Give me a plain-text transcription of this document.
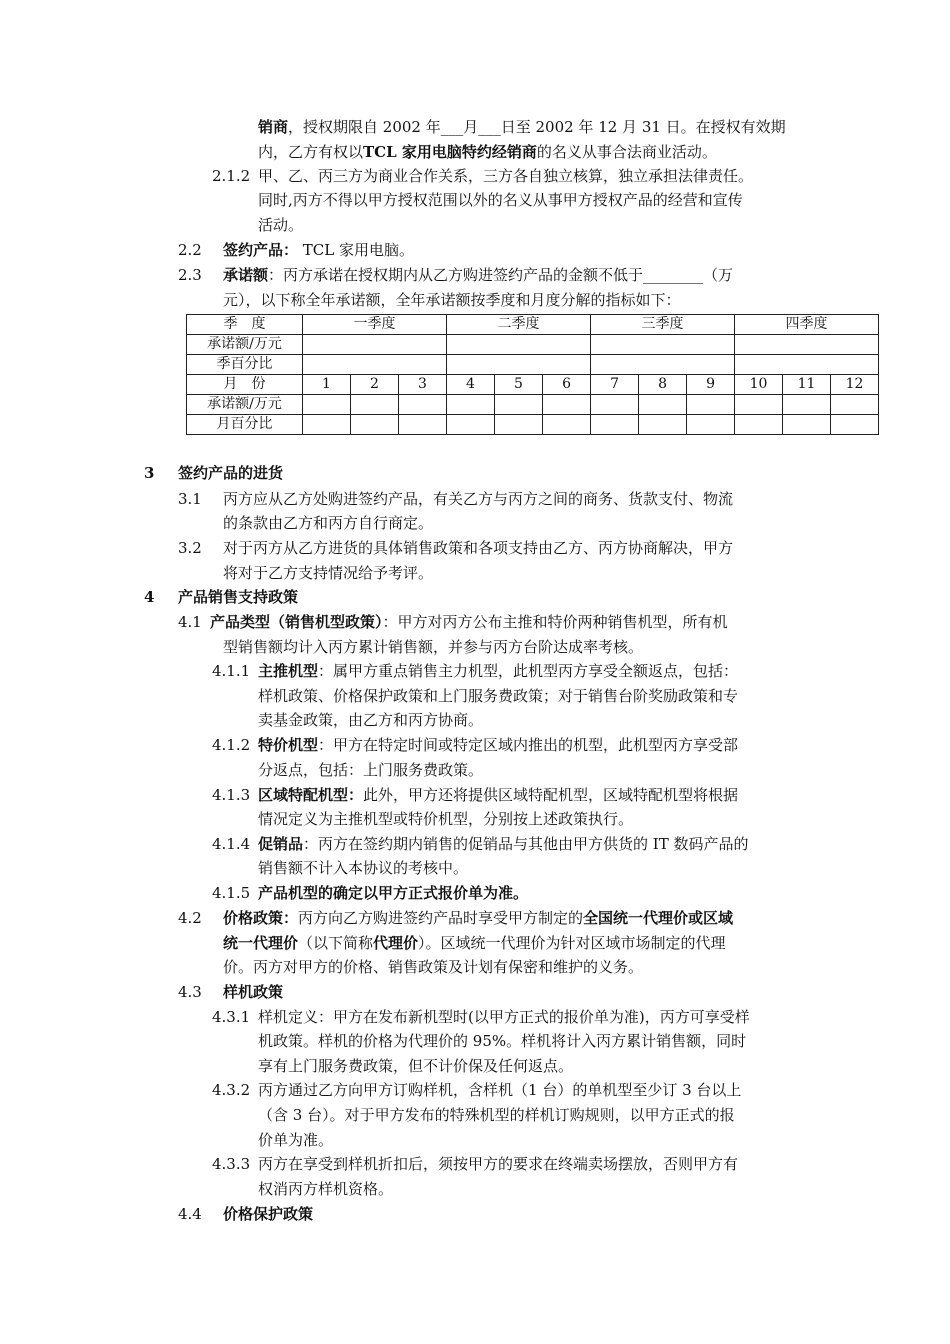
销商，授权期限自 2002 年___月___日至 2002 年 12 月 31 日。在授权有效期
内，乙方有权以TCL 家用电脑特约经销商的名义从事合法商业活动。
2.1.2 甲、乙、丙三方为商业合作关系，三方各自独立核算，独立承担法律责任。
同时,丙方不得以甲方授权范围以外的名义从事甲方授权产品的经营和宣传
活动。
2.2 签约产品： TCL 家用电脑。
2.3 承诺额：丙方承诺在授权期内从乙方购进签约产品的金额不低于________（万
元），以下称全年承诺额，全年承诺额按季度和月度分解的指标如下：
季　度	一季度			二季度			三季度			四季度		
承诺额/万元												
季百分比												
月　份	1	2	3	4	5	6	7	8	9	10	11	12
承诺额/万元												
月百分比												
3 签约产品的进货
3.1 丙方应从乙方处购进签约产品，有关乙方与丙方之间的商务、货款支付、物流
的条款由乙方和丙方自行商定。
3.2 对于丙方从乙方进货的具体销售政策和各项支持由乙方、丙方协商解决，甲方
将对于乙方支持情况给予考评。
4 产品销售支持政策
4.1 产品类型（销售机型政策）：甲方对丙方公布主推和特价两种销售机型，所有机
型销售额均计入丙方累计销售额，并参与丙方台阶达成率考核。
4.1.1 主推机型：属甲方重点销售主力机型，此机型丙方享受全额返点，包括：
样机政策、价格保护政策和上门服务费政策；对于销售台阶奖励政策和专
卖基金政策，由乙方和丙方协商。
4.1.2 特价机型：甲方在特定时间或特定区域内推出的机型，此机型丙方享受部
分返点，包括：上门服务费政策。
4.1.3 区域特配机型：此外，甲方还将提供区域特配机型，区域特配机型将根据
情况定义为主推机型或特价机型，分别按上述政策执行。
4.1.4 促销品：丙方在签约期内销售的促销品与其他由甲方供货的 IT 数码产品的
销售额不计入本协议的考核中。
4.1.5 产品机型的确定以甲方正式报价单为准。
4.2 价格政策：丙方向乙方购进签约产品时享受甲方制定的全国统一代理价或区域
统一代理价（以下简称代理价）。区域统一代理价为针对区域市场制定的代理
价。丙方对甲方的价格、销售政策及计划有保密和维护的义务。
4.3 样机政策
4.3.1 样机定义：甲方在发布新机型时(以甲方正式的报价单为准)，丙方可享受样
机政策。样机的价格为代理价的 95%。样机将计入丙方累计销售额，同时
享有上门服务费政策，但不计价保及任何返点。
4.3.2 丙方通过乙方向甲方订购样机，含样机（1 台）的单机型至少订 3 台以上
（含 3 台）。对于甲方发布的特殊机型的样机订购规则，以甲方正式的报
价单为准。
4.3.3 丙方在享受到样机折扣后，须按甲方的要求在终端卖场摆放，否则甲方有
权消丙方样机资格。
4.4 价格保护政策
